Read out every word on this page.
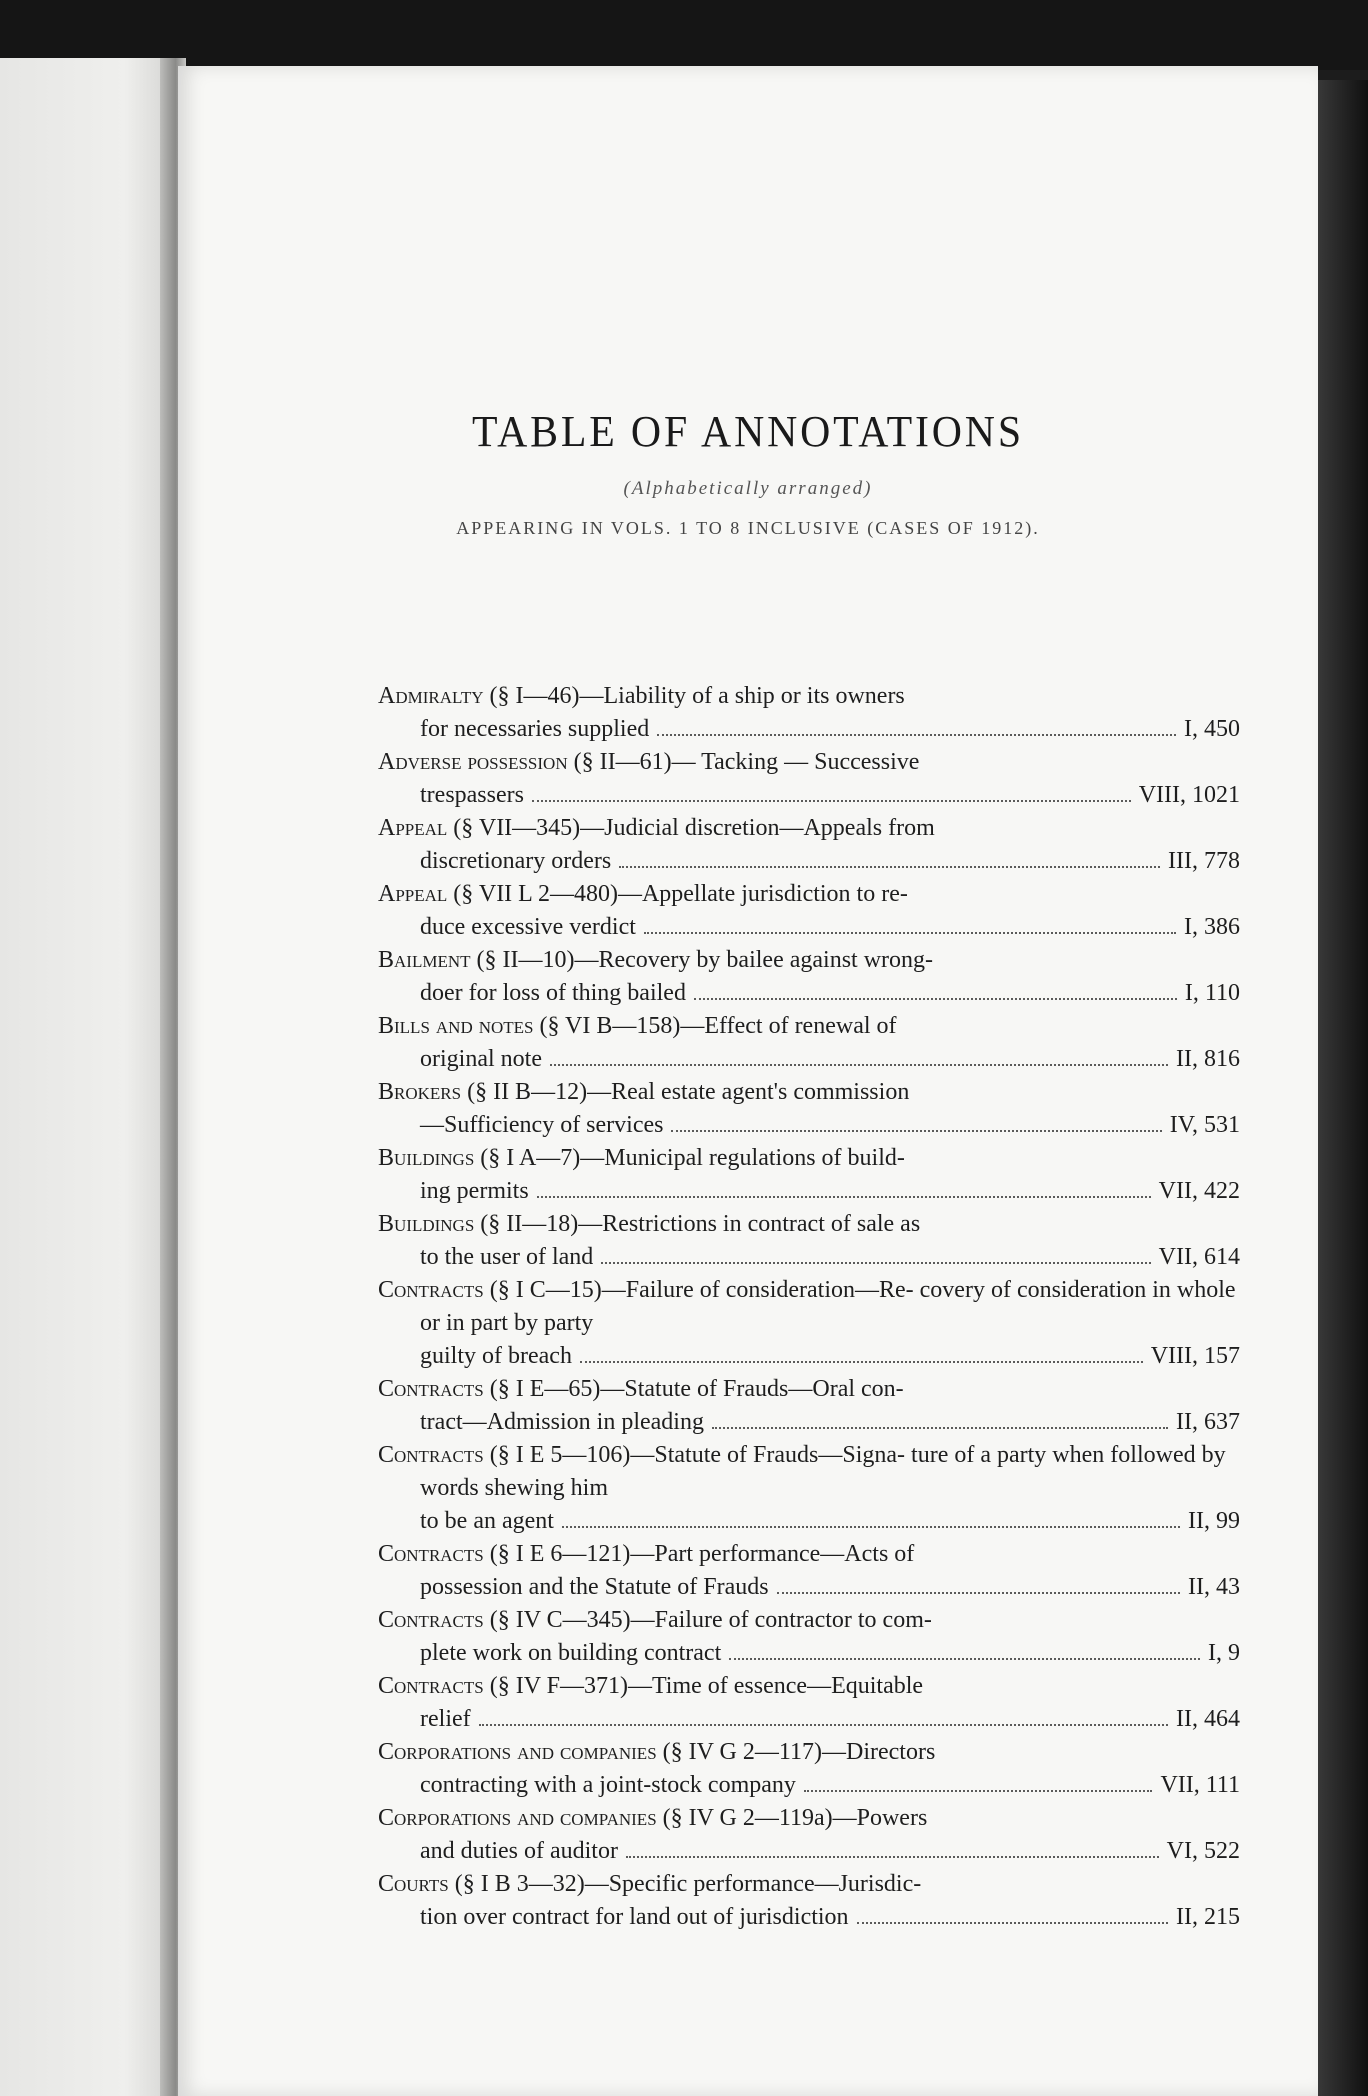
TABLE OF ANNOTATIONS
(Alphabetically arranged)
APPEARING IN VOLS. 1 TO 8 INCLUSIVE (CASES OF 1912).
Admiralty (§ I—46)—Liability of a ship or its owners
for necessaries supplied	I, 450
Adverse possession (§ II—61)— Tacking — Successive
trespassers	VIII, 1021
Appeal (§ VII—345)—Judicial discretion—Appeals from
discretionary orders	III, 778
Appeal (§ VII L 2—480)—Appellate jurisdiction to re-
duce excessive verdict	I, 386
Bailment (§ II—10)—Recovery by bailee against wrong-
doer for loss of thing bailed	I, 110
Bills and notes (§ VI B—158)—Effect of renewal of
original note	II, 816
Brokers (§ II B—12)—Real estate agent's commission
—Sufficiency of services	IV, 531
Buildings (§ I A—7)—Municipal regulations of build-
ing permits	VII, 422
Buildings (§ II—18)—Restrictions in contract of sale as
to the user of land	VII, 614
Contracts (§ I C—15)—Failure of consideration—Re- covery of consideration in whole or in part by party
guilty of breach	VIII, 157
Contracts (§ I E—65)—Statute of Frauds—Oral con-
tract—Admission in pleading	II, 637
Contracts (§ I E 5—106)—Statute of Frauds—Signa- ture of a party when followed by words shewing him
to be an agent	II, 99
Contracts (§ I E 6—121)—Part performance—Acts of
possession and the Statute of Frauds	II, 43
Contracts (§ IV C—345)—Failure of contractor to com-
plete work on building contract	I, 9
Contracts (§ IV F—371)—Time of essence—Equitable
relief	II, 464
Corporations and companies (§ IV G 2—117)—Directors
contracting with a joint-stock company	VII, 111
Corporations and companies (§ IV G 2—119a)—Powers
and duties of auditor	VI, 522
Courts (§ I B 3—32)—Specific performance—Jurisdic-
tion over contract for land out of jurisdiction	II, 215
